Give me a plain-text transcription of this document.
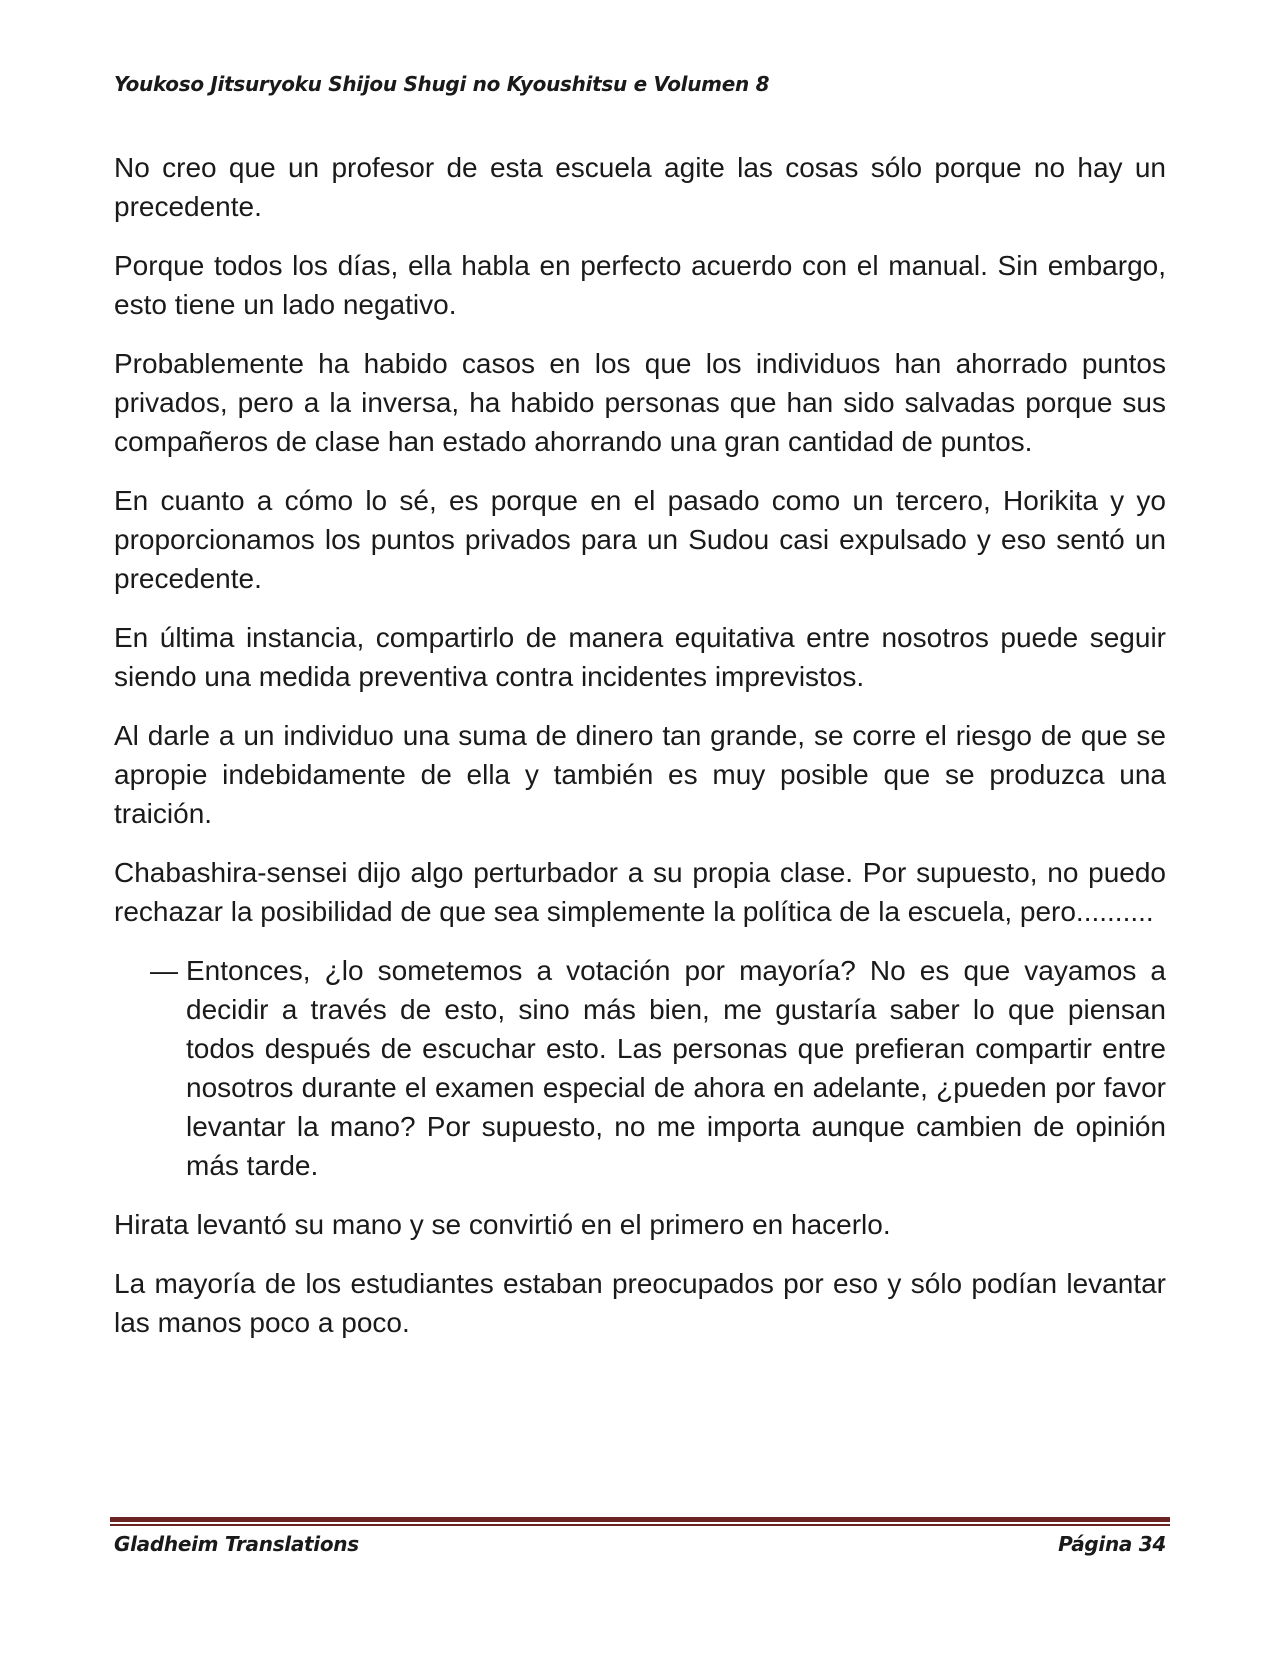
Youkoso Jitsuryoku Shijou Shugi no Kyoushitsu e Volumen 8

No creo que un profesor de esta escuela agite las cosas sólo porque no hay un precedente.

Porque todos los días, ella habla en perfecto acuerdo con el manual. Sin embargo, esto tiene un lado negativo.

Probablemente ha habido casos en los que los individuos han ahorrado puntos privados, pero a la inversa, ha habido personas que han sido salvadas porque sus compañeros de clase han estado ahorrando una gran cantidad de puntos.

En cuanto a cómo lo sé, es porque en el pasado como un tercero, Horikita y yo proporcionamos los puntos privados para un Sudou casi expulsado y eso sentó un precedente.

En última instancia, compartirlo de manera equitativa entre nosotros puede seguir siendo una medida preventiva contra incidentes imprevistos.

Al darle a un individuo una suma de dinero tan grande, se corre el riesgo de que se apropie indebidamente de ella y también es muy posible que se produzca una traición.

Chabashira-sensei dijo algo perturbador a su propia clase. Por supuesto, no puedo rechazar la posibilidad de que sea simplemente la política de la escuela, pero..........

— Entonces, ¿lo sometemos a votación por mayoría? No es que vayamos a decidir a través de esto, sino más bien, me gustaría saber lo que piensan todos después de escuchar esto. Las personas que prefieran compartir entre nosotros durante el examen especial de ahora en adelante, ¿pueden por favor levantar la mano? Por supuesto, no me importa aunque cambien de opinión más tarde.

Hirata levantó su mano y se convirtió en el primero en hacerlo.

La mayoría de los estudiantes estaban preocupados por eso y sólo podían levantar las manos poco a poco.

Gladheim Translations	Página 34
